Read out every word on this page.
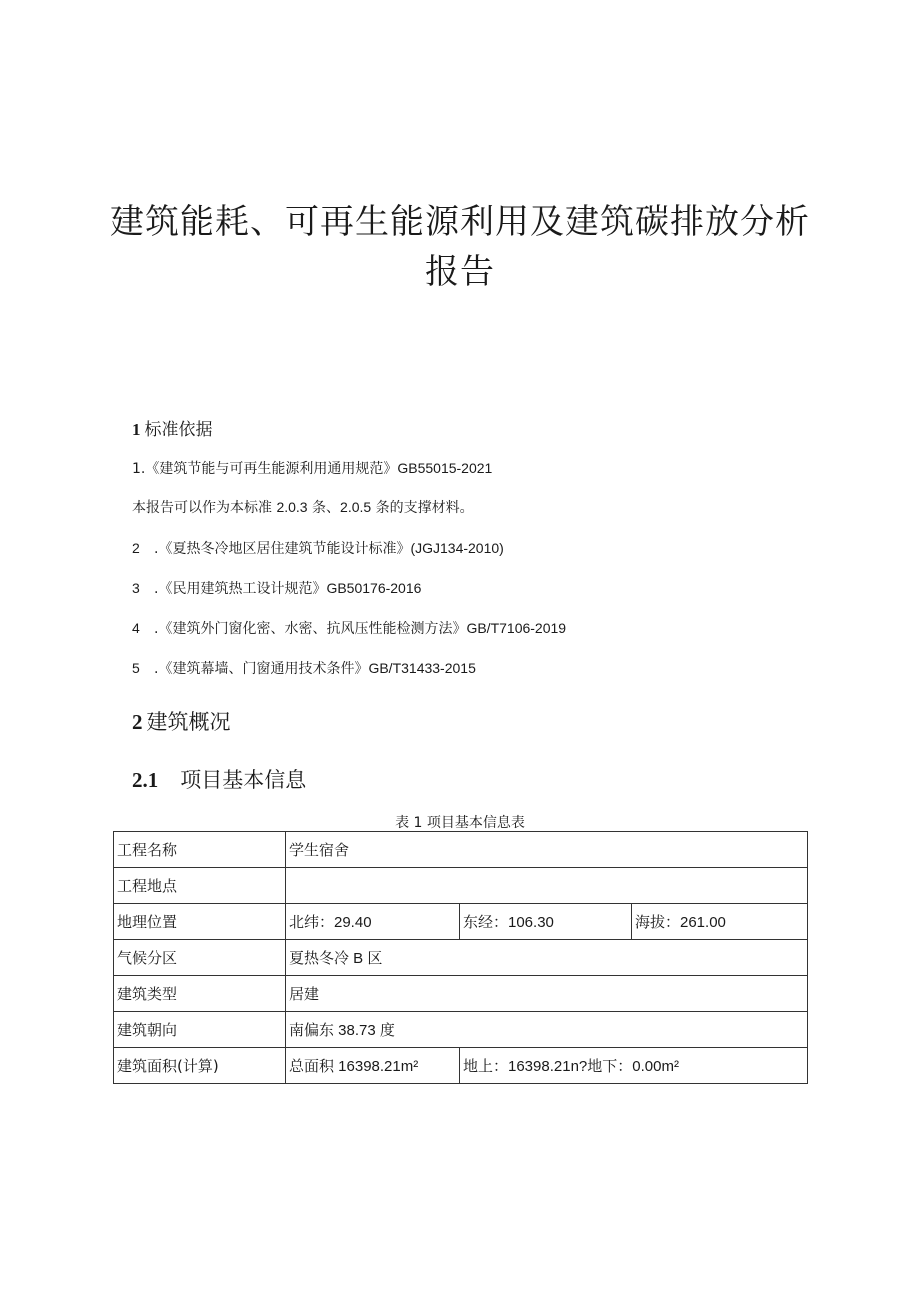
建筑能耗、可再生能源利用及建筑碳排放分析
报告
1 标准依据
1.《建筑节能与可再生能源利用通用规范》GB55015-2021
本报告可以作为本标准 2.0.3 条、2.0.5 条的支撑材料。
2 .《夏热冬冷地区居住建筑节能设计标准》(JGJ134-2010)
3 .《民用建筑热工设计规范》GB50176-2016
4 .《建筑外门窗化密、水密、抗风压性能检测方法》GB/T7106-2019
5 .《建筑幕墙、门窗通用技术条件》GB/T31433-2015
2 建筑概况
2.1 项目基本信息
表 1 项目基本信息表
工程名称	学生宿舍		
工程地点			
地理位置	北纬：29.40	东经：106.30	海拔：261.00
气候分区	夏热冬冷 B 区		
建筑类型	居建		
建筑朝向	南偏东 38.73 度		
建筑面积(计算)	总面积 16398.21m²	地上：16398.21n?地下：0.00m²	
